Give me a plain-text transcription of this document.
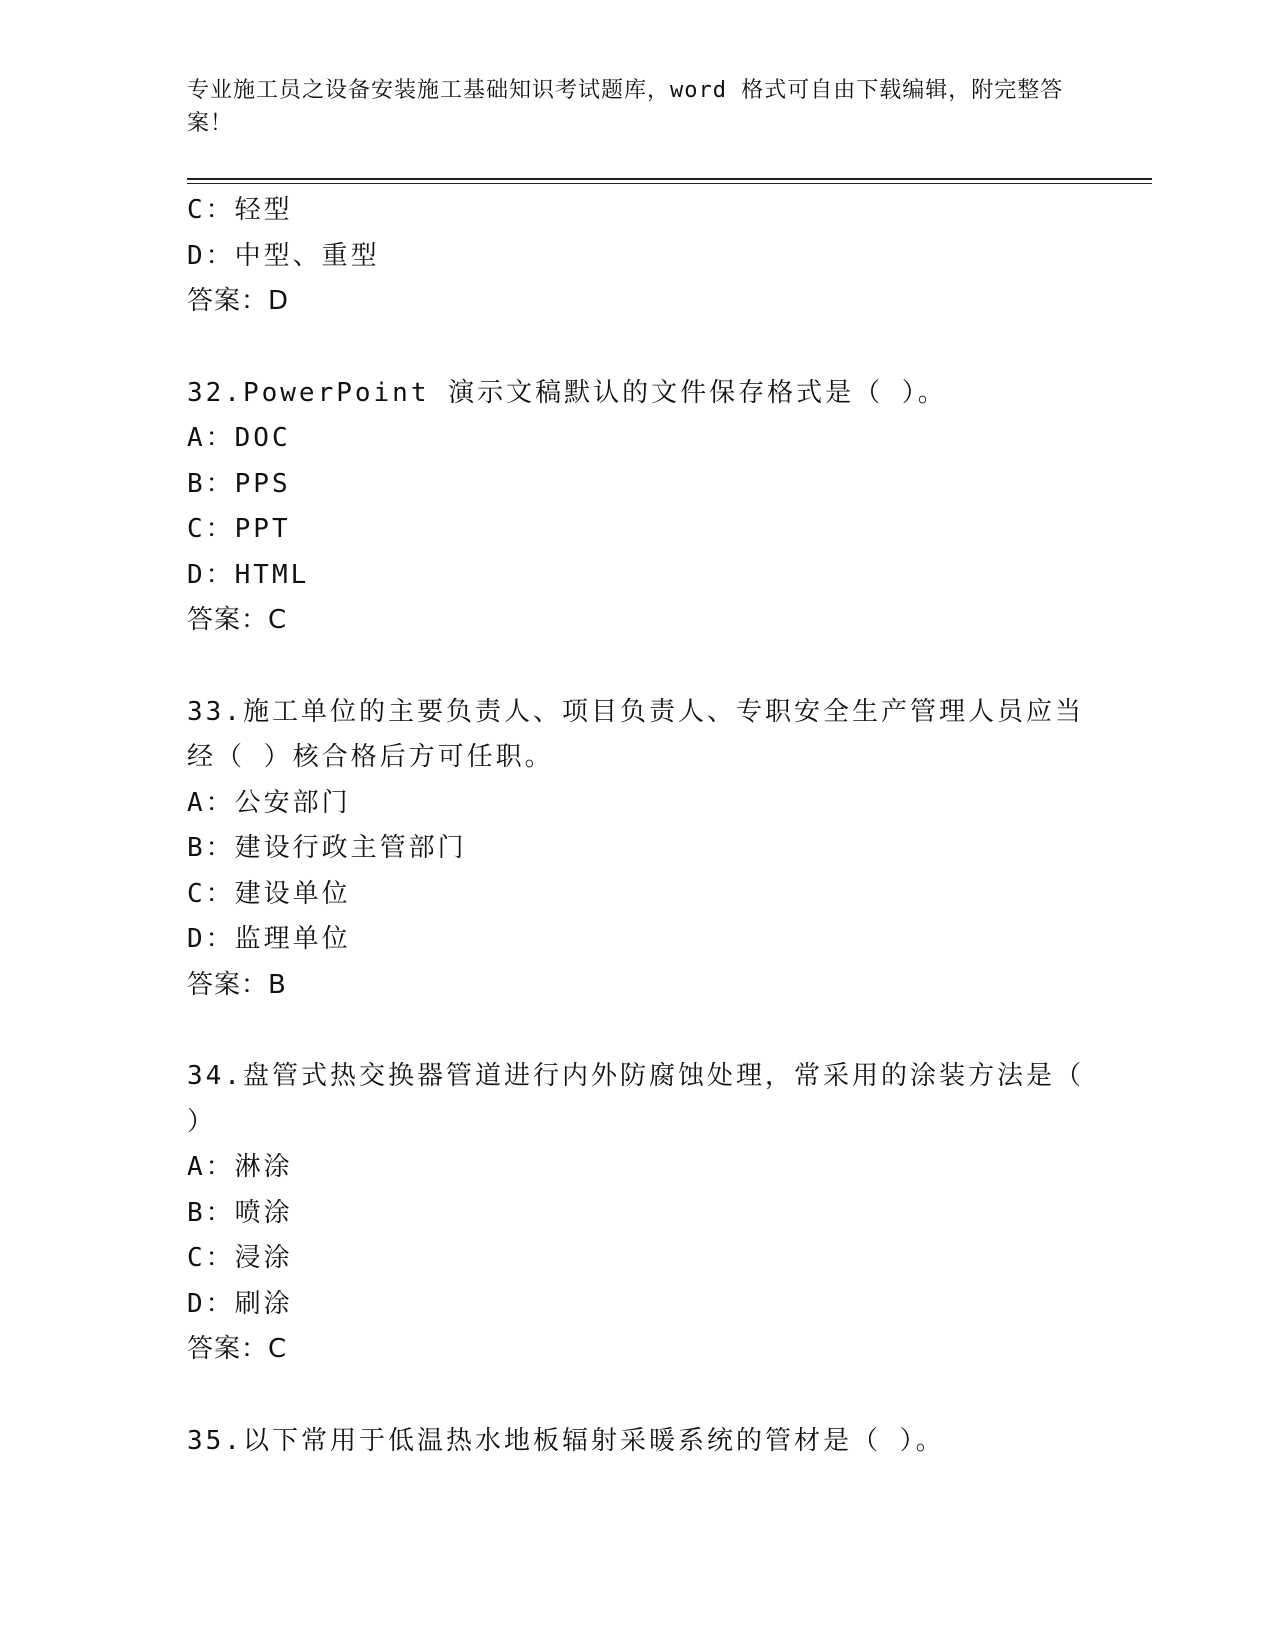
专业施工员之设备安装施工基础知识考试题库，word 格式可自由下载编辑，附完整答案！
C：轻型
D：中型、重型
答案：D
32.PowerPoint 演示文稿默认的文件保存格式是（ ）。
A：DOC
B：PPS
C：PPT
D：HTML
答案：C
33.施工单位的主要负责人、项目负责人、专职安全生产管理人员应当经（ ）核合格后方可任职。
A：公安部门
B：建设行政主管部门
C：建设单位
D：监理单位
答案：B
34.盘管式热交换器管道进行内外防腐蚀处理，常采用的涂装方法是（ ）
A：淋涂
B：喷涂
C：浸涂
D：刷涂
答案：C
35.以下常用于低温热水地板辐射采暖系统的管材是（ ）。
